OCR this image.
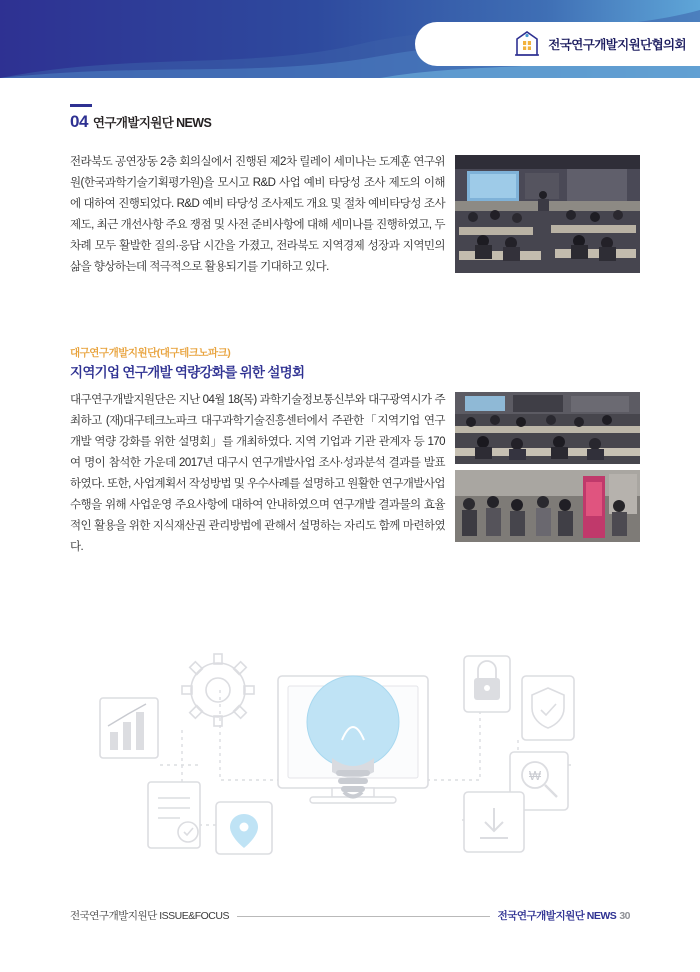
전국연구개발지원단협의회
04 연구개발지원단 NEWS
전라북도 공연장동 2층 회의실에서 진행된 제2차 릴레이 세미나는 도계훈 연구위원(한국과학기술기획평가원)을 모시고 R&D 사업 예비 타당성 조사 제도의 이해에 대하여 진행되었다. R&D 예비 타당성 조사제도 개요 및 절차 예비타당성 조사제도, 최근 개선사항 주요 쟁점 및 사전 준비사항에 대해 세미나를 진행하였고, 두 차례 모두 활발한 질의·응답 시간을 가졌고, 전라북도 지역경제 성장과 지역민의 삶을 향상하는데 적극적으로 활용되기를 기대하고 있다.
대구연구개발지원단(대구테크노파크)
지역기업 연구개발 역량강화를 위한 설명회
대구연구개발지원단은 지난 04월 18(목) 과학기술정보통신부와 대구광역시가 주최하고 (재)대구테크노파크 대구과학기술진흥센터에서 주관한「지역기업 연구개발 역량 강화를 위한 설명회」를 개최하였다. 지역 기업과 기관 관계자 등 170여 명이 참석한 가운데 2017년 대구시 연구개발사업 조사·성과분석 결과를 발표하였다. 또한, 사업계획서 작성방법 및 우수사례를 설명하고 원활한 연구개발사업수행을 위해 사업운영 주요사항에 대하여 안내하였으며 연구개발 결과물의 효율적인 활용을 위한 지식재산권 관리방법에 관해서 설명하는 자리도 함께 마련하였다.
₩
전국연구개발지원단 ISSUE&FOCUS	전국연구개발지원단 NEWS 30
